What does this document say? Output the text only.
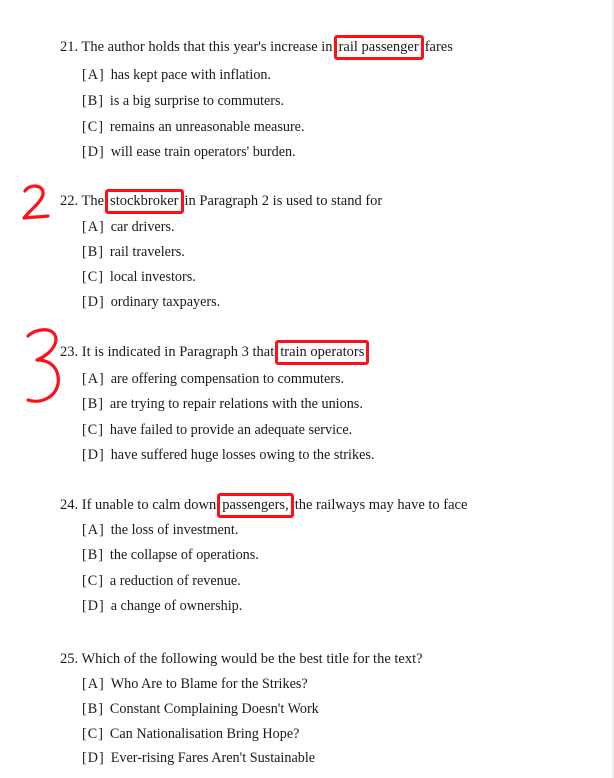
21. The author holds that this year's increase in rail passenger fares
[A] has kept pace with inflation.
[B] is a big surprise to commuters.
[C] remains an unreasonable measure.
[D] will ease train operators' burden.
22. The stockbroker in Paragraph 2 is used to stand for
[A] car drivers.
[B] rail travelers.
[C] local investors.
[D] ordinary taxpayers.
23. It is indicated in Paragraph 3 that train operators
[A] are offering compensation to commuters.
[B] are trying to repair relations with the unions.
[C] have failed to provide an adequate service.
[D] have suffered huge losses owing to the strikes.
24. If unable to calm down passengers, the railways may have to face
[A] the loss of investment.
[B] the collapse of operations.
[C] a reduction of revenue.
[D] a change of ownership.
25. Which of the following would be the best title for the text?
[A] Who Are to Blame for the Strikes?
[B] Constant Complaining Doesn't Work
[C] Can Nationalisation Bring Hope?
[D] Ever-rising Fares Aren't Sustainable
